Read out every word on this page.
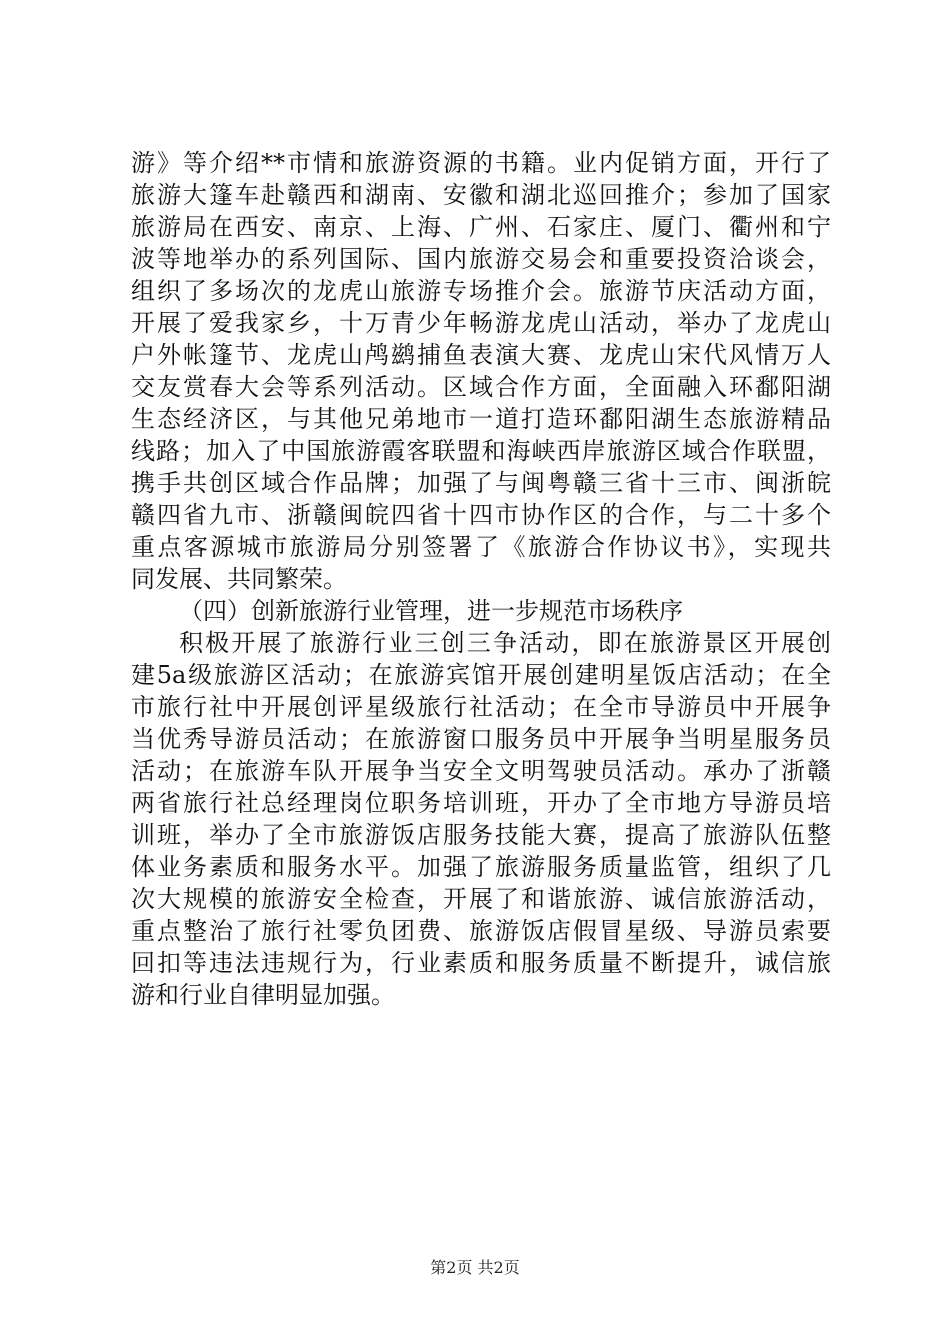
游》等介绍**市情和旅游资源的书籍。业内促销方面，开行了
旅游大篷车赴赣西和湖南、安徽和湖北巡回推介；参加了国家
旅游局在西安、南京、上海、广州、石家庄、厦门、衢州和宁
波等地举办的系列国际、国内旅游交易会和重要投资洽谈会，
组织了多场次的龙虎山旅游专场推介会。旅游节庆活动方面，
开展了爱我家乡，十万青少年畅游龙虎山活动，举办了龙虎山
户外帐篷节、龙虎山鸬鹚捕鱼表演大赛、龙虎山宋代风情万人
交友赏春大会等系列活动。区域合作方面，全面融入环鄱阳湖
生态经济区，与其他兄弟地市一道打造环鄱阳湖生态旅游精品
线路；加入了中国旅游霞客联盟和海峡西岸旅游区域合作联盟，
携手共创区域合作品牌；加强了与闽粤赣三省十三市、闽浙皖
赣四省九市、浙赣闽皖四省十四市协作区的合作，与二十多个
重点客源城市旅游局分别签署了《旅游合作协议书》，实现共
同发展、共同繁荣。
（四）创新旅游行业管理，进一步规范市场秩序
积极开展了旅游行业三创三争活动，即在旅游景区开展创
建5a级旅游区活动；在旅游宾馆开展创建明星饭店活动；在全
市旅行社中开展创评星级旅行社活动；在全市导游员中开展争
当优秀导游员活动；在旅游窗口服务员中开展争当明星服务员
活动；在旅游车队开展争当安全文明驾驶员活动。承办了浙赣
两省旅行社总经理岗位职务培训班，开办了全市地方导游员培
训班，举办了全市旅游饭店服务技能大赛，提高了旅游队伍整
体业务素质和服务水平。加强了旅游服务质量监管，组织了几
次大规模的旅游安全检查，开展了和谐旅游、诚信旅游活动，
重点整治了旅行社零负团费、旅游饭店假冒星级、导游员索要
回扣等违法违规行为，行业素质和服务质量不断提升，诚信旅
游和行业自律明显加强。
第2页 共2页
